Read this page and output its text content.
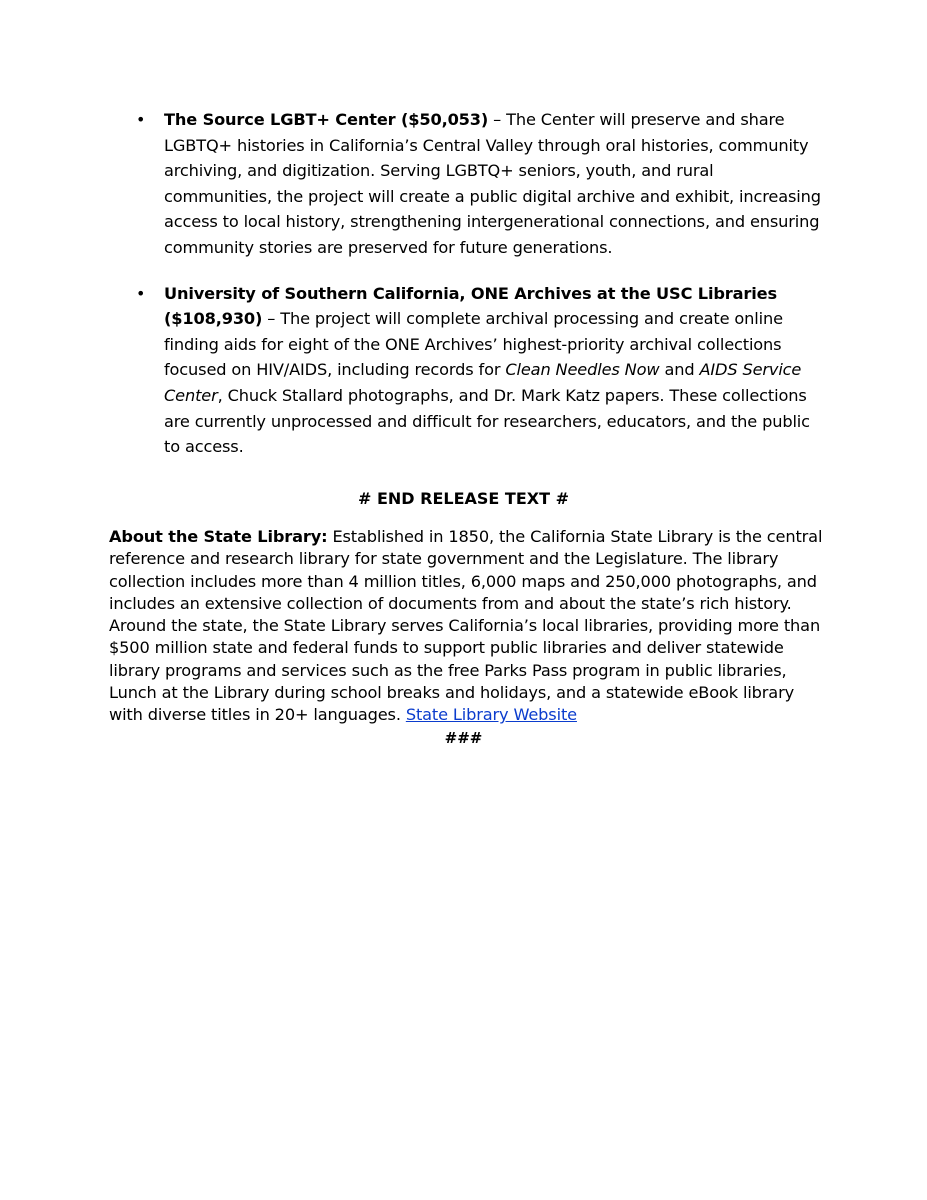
• The Source LGBT+ Center ($50,053) – The Center will preserve and share LGBTQ+ histories in California’s Central Valley through oral histories, community archiving, and digitization. Serving LGBTQ+ seniors, youth, and rural communities, the project will create a public digital archive and exhibit, increasing access to local history, strengthening intergenerational connections, and ensuring community stories are preserved for future generations.
• University of Southern California, ONE Archives at the USC Libraries ($108,930) – The project will complete archival processing and create online finding aids for eight of the ONE Archives’ highest-priority archival collections focused on HIV/AIDS, including records for Clean Needles Now and AIDS Service Center, Chuck Stallard photographs, and Dr. Mark Katz papers. These collections are currently unprocessed and difficult for researchers, educators, and the public to access.
# END RELEASE TEXT #

About the State Library: Established in 1850, the California State Library is the central reference and research library for state government and the Legislature. The library collection includes more than 4 million titles, 6,000 maps and 250,000 photographs, and includes an extensive collection of documents from and about the state’s rich history. Around the state, the State Library serves California’s local libraries, providing more than $500 million state and federal funds to support public libraries and deliver statewide library programs and services such as the free Parks Pass program in public libraries, Lunch at the Library during school breaks and holidays, and a statewide eBook library with diverse titles in 20+ languages. State Library Website

###
